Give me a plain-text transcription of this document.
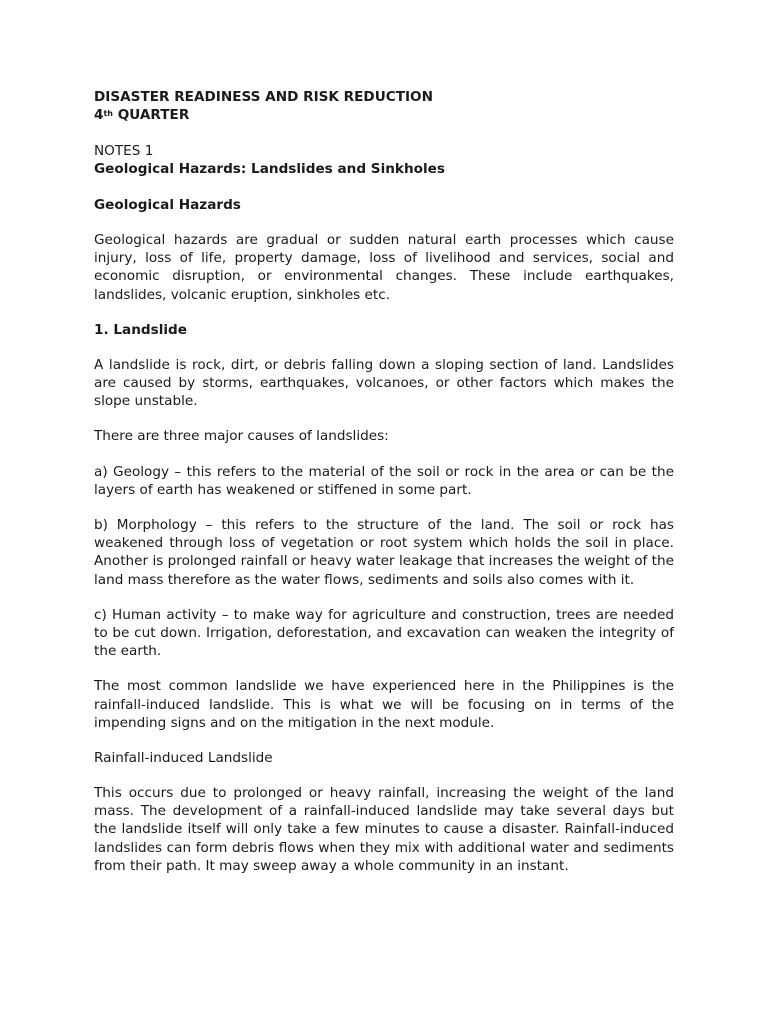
DISASTER READINESS AND RISK REDUCTION

4th QUARTER

NOTES 1

Geological Hazards: Landslides and Sinkholes

Geological Hazards

Geological hazards are gradual or sudden natural earth processes which cause injury, loss of life, property damage, loss of livelihood and services, social and economic disruption, or environmental changes. These include earthquakes, landslides, volcanic eruption, sinkholes etc.

1. Landslide

A landslide is rock, dirt, or debris falling down a sloping section of land. Landslides are caused by storms, earthquakes, volcanoes, or other factors which makes the slope unstable.

There are three major causes of landslides:

a) Geology – this refers to the material of the soil or rock in the area or can be the layers of earth has weakened or stiffened in some part.

b) Morphology – this refers to the structure of the land. The soil or rock has weakened through loss of vegetation or root system which holds the soil in place. Another is prolonged rainfall or heavy water leakage that increases the weight of the land mass therefore as the water flows, sediments and soils also comes with it.

c) Human activity – to make way for agriculture and construction, trees are needed to be cut down. Irrigation, deforestation, and excavation can weaken the integrity of the earth.

The most common landslide we have experienced here in the Philippines is the rainfall-induced landslide. This is what we will be focusing on in terms of the impending signs and on the mitigation in the next module.

Rainfall-induced Landslide

This occurs due to prolonged or heavy rainfall, increasing the weight of the land mass. The development of a rainfall-induced landslide may take several days but the landslide itself will only take a few minutes to cause a disaster. Rainfall-induced landslides can form debris flows when they mix with additional water and sediments from their path. It may sweep away a whole community in an instant.
